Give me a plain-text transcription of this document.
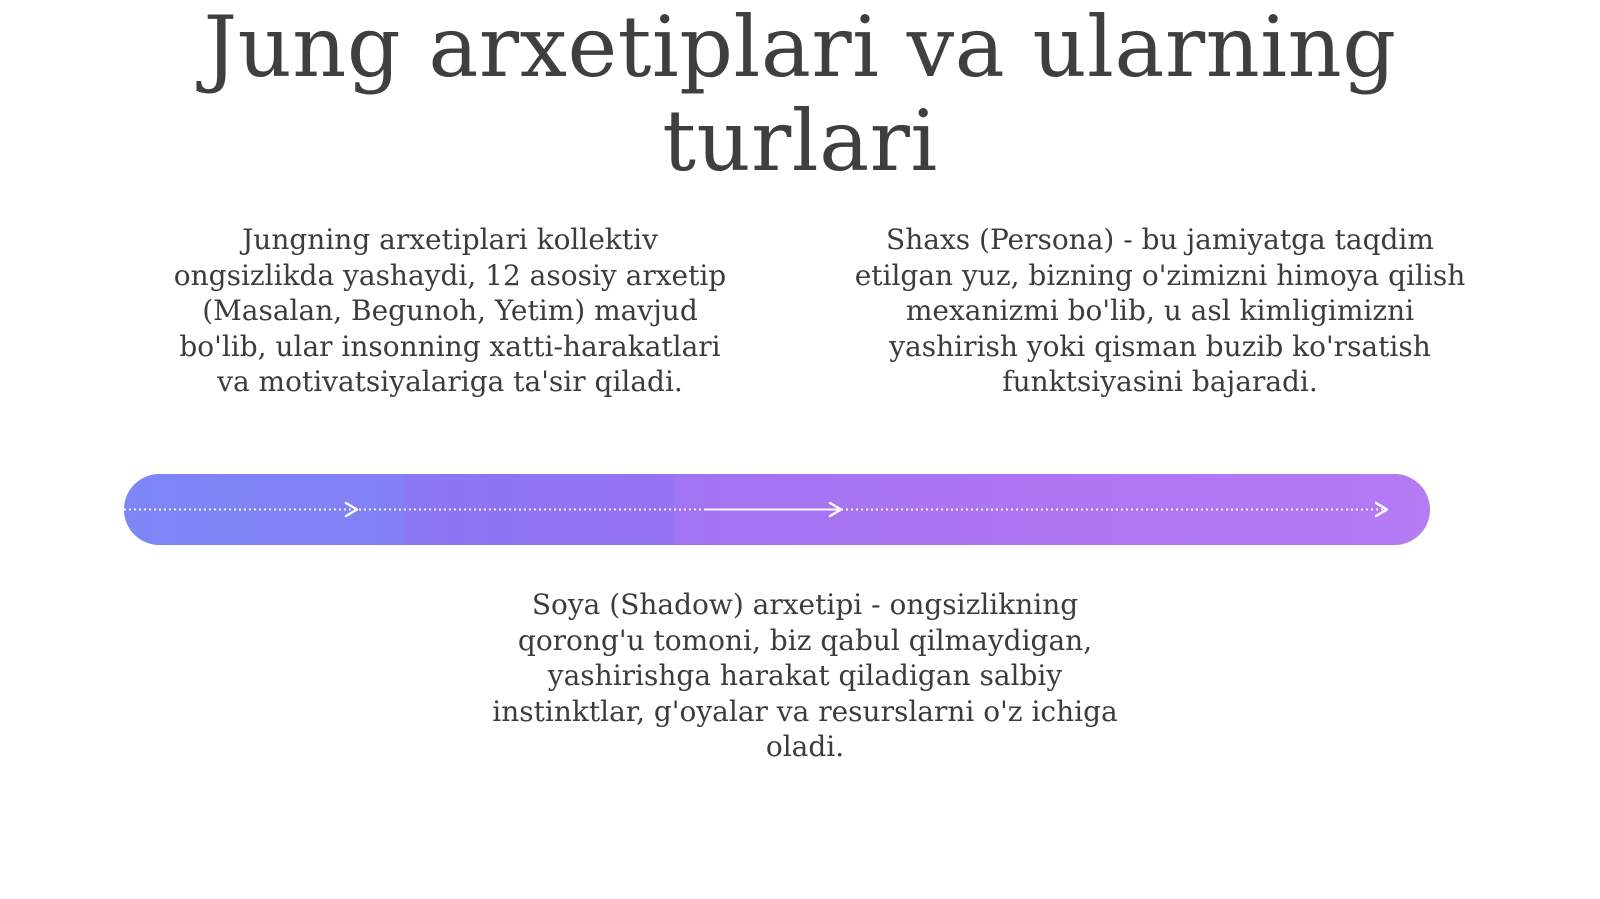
Jung arxetiplari va ularning turlari

Jungning arxetiplari kollektiv ongsizlikda yashaydi, 12 asosiy arxetip (Masalan, Begunoh, Yetim) mavjud bo'lib, ular insonning xatti-harakatlari va motivatsiyalariga ta'sir qiladi.

Shaxs (Persona) - bu jamiyatga taqdim etilgan yuz, bizning o'zimizni himoya qilish mexanizmi bo'lib, u asl kimligimizni yashirish yoki qisman buzib ko'rsatish funktsiyasini bajaradi.

Soya (Shadow) arxetipi - ongsizlikning qorong'u tomoni, biz qabul qilmaydigan, yashirishga harakat qiladigan salbiy instinktlar, g'oyalar va resurslarni o'z ichiga oladi.
